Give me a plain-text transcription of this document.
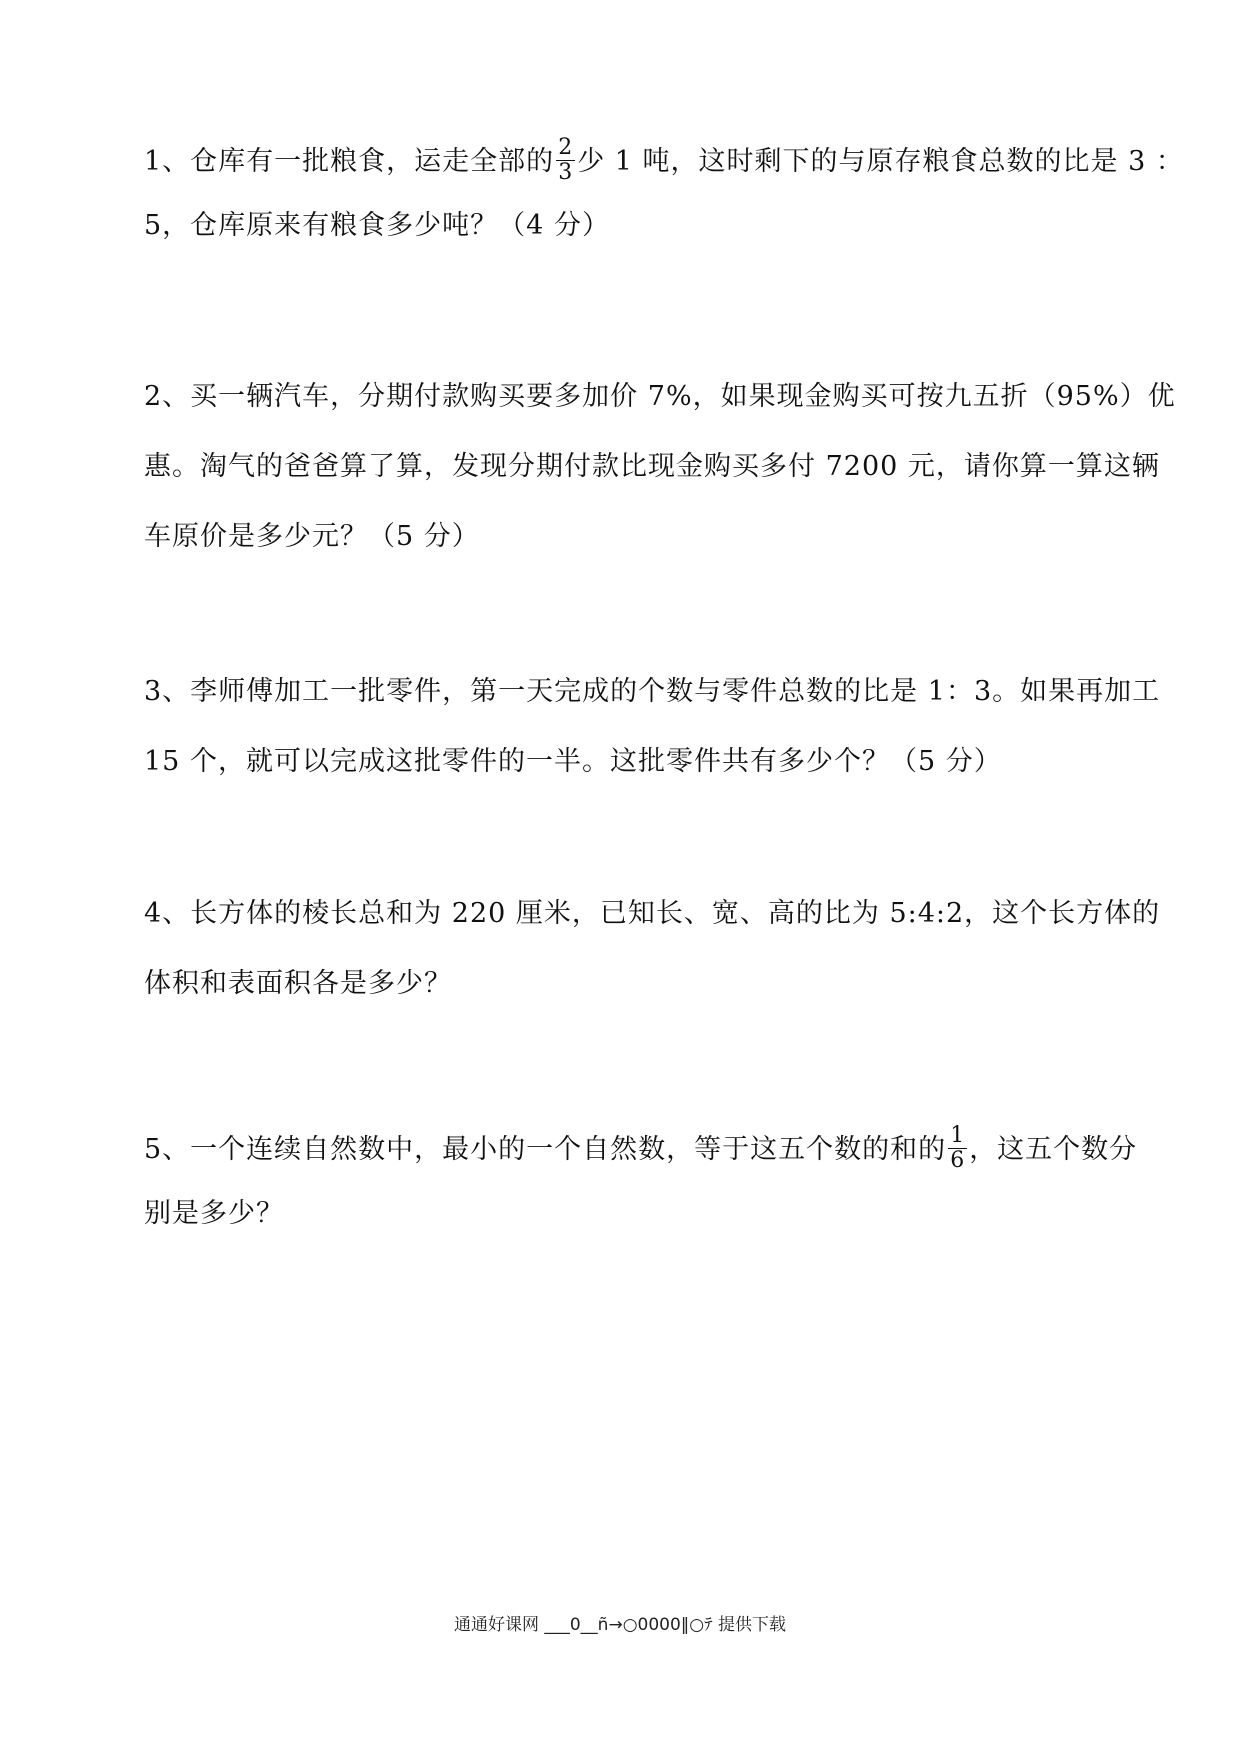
1、仓库有一批粮食，运走全部的 $\frac{2}{3}$ 少 1 吨，这时剩下的与原存粮食总数的比是 3 ：
5，仓库原来有粮食多少吨？（4 分）
2、买一辆汽车，分期付款购买要多加价 7%，如果现金购买可按九五折（95%）优
惠。淘气的爸爸算了算，发现分期付款比现金购买多付 7200 元，请你算一算这辆
车原价是多少元？（5 分）
3、李师傅加工一批零件，第一天完成的个数与零件总数的比是 1：3。如果再加工
15 个，就可以完成这批零件的一半。这批零件共有多少个？（5 分）
4、长方体的棱长总和为 220 厘米，已知长、宽、高的比为 5:4:2，这个长方体的
体积和表面积各是多少？
5、一个连续自然数中，最小的一个自然数，等于这五个数的和的 $\frac{1}{6}$ ，这五个数分
别是多少？
通通好课网 ___0__ñ→○0000‖○ﾃ 提供下载
